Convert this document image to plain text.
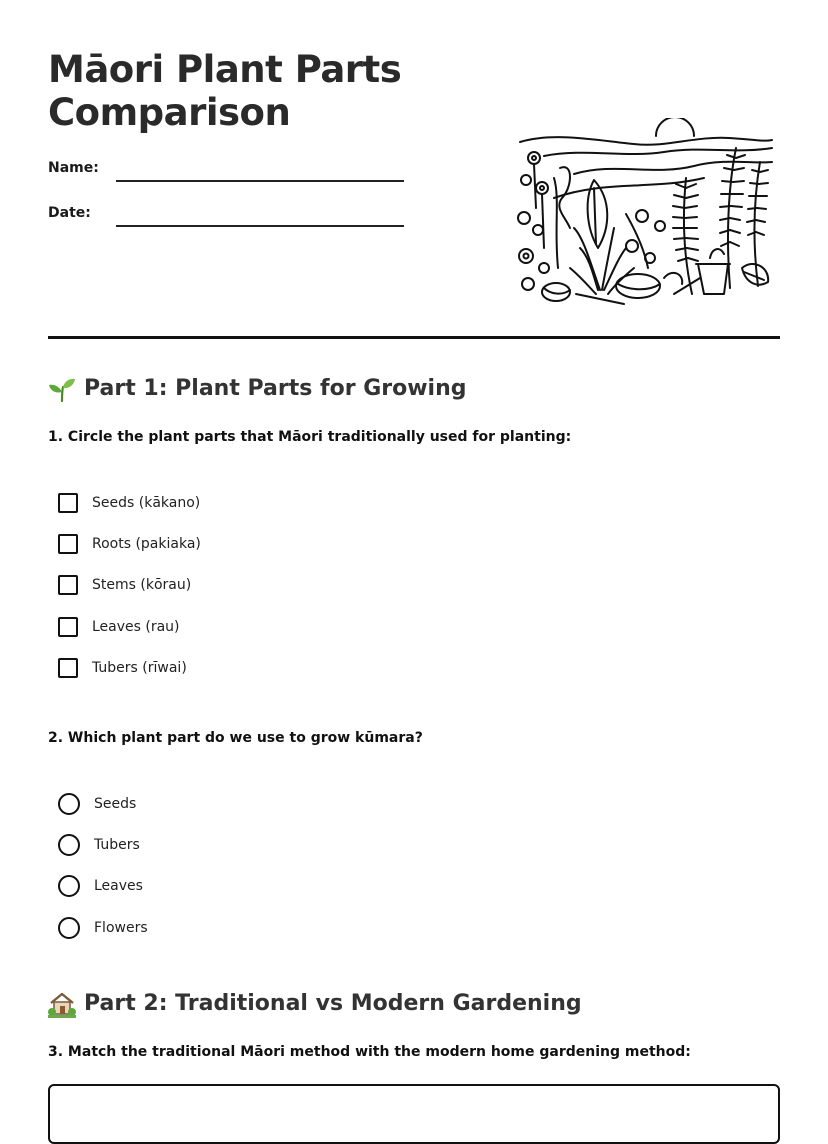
Māori Plant Parts Comparison
Name:
Date:
Part 1: Plant Parts for Growing
1. Circle the plant parts that Māori traditionally used for planting:
Seeds (kākano)
Roots (pakiaka)
Stems (kōrau)
Leaves (rau)
Tubers (rīwai)
2. Which plant part do we use to grow kūmara?
Seeds
Tubers
Leaves
Flowers
Part 2: Traditional vs Modern Gardening
3. Match the traditional Māori method with the modern home gardening method:
